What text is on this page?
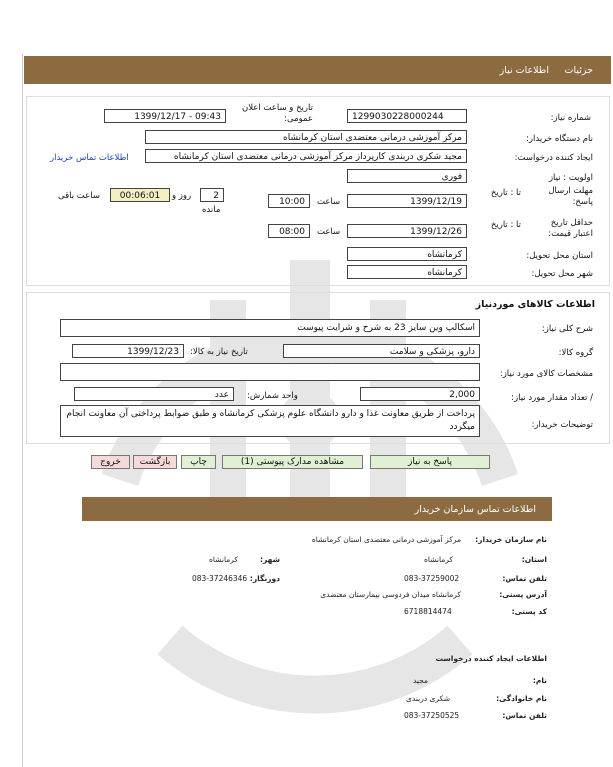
جزئیات
اطلاعات نیاز
شماره نیاز:
1299030228000244
تاریخ و ساعت اعلان عمومی:
1399/12/17 - 09:43
نام دستگاه خریدار:
مرکز آموزشی درمانی معتضدی استان کرمانشاه
ایجاد کننده درخواست:
مجید شکری دربندی کارپرداز مرکز آموزشی درمانی معتضدی استان کرمانشاه
اطلاعات تماس خریدار
اولویت : نیاز
فوری
مهلت ارسال پاسخ:
تا : تاریخ
1399/12/19
ساعت
10:00
2
روز و
مانده
00:06:01
ساعت باقی
حداقل تاریخ اعتبار قیمت:
تا : تاریخ
1399/12/26
ساعت
08:00
استان محل تحویل:
کرمانشاه
شهر محل تحویل:
کرمانشاه
اطلاعات کالاهای موردنیاز
شرح کلی نیاز:
اسکالپ وین سایز 23 به شرح و شرایت پیوست
گروه کالا:
دارو، پزشکی و سلامت
تاریخ نیاز به کالا:
1399/12/23
مشخصات کالای مورد نیاز:
/ تعداد مقدار مورد نیاز:
2,000
واحد شمارش:
عدد
توضیحات خریدار:
پرداخت از طریق معاونت غذا و دارو دانشگاه علوم پزشکی کرمانشاه و طبق ضوابط پرداختی آن معاونت انجام میگردد
پاسخ به نیاز
مشاهده مدارک پیوستی (1)
چاپ
بازگشت
خروج
اطلاعات تماس سازمان خریدار
نام سازمان خریدار:
مرکز آموزشی درمانی معتضدی استان کرمانشاه
استان:
کرمانشاه
شهر:
کرمانشاه
تلفن تماس:
083-37259002
دورنگار:
083-37246346
آدرس پستی:
کرمانشاه میدان فردوسی بیمارستان معتضدی
کد پستی:
6718814474
اطلاعات ایجاد کننده درخواست
نام:
مجید
نام خانوادگی:
شکری دربندی
تلفن تماس:
083-37250525
